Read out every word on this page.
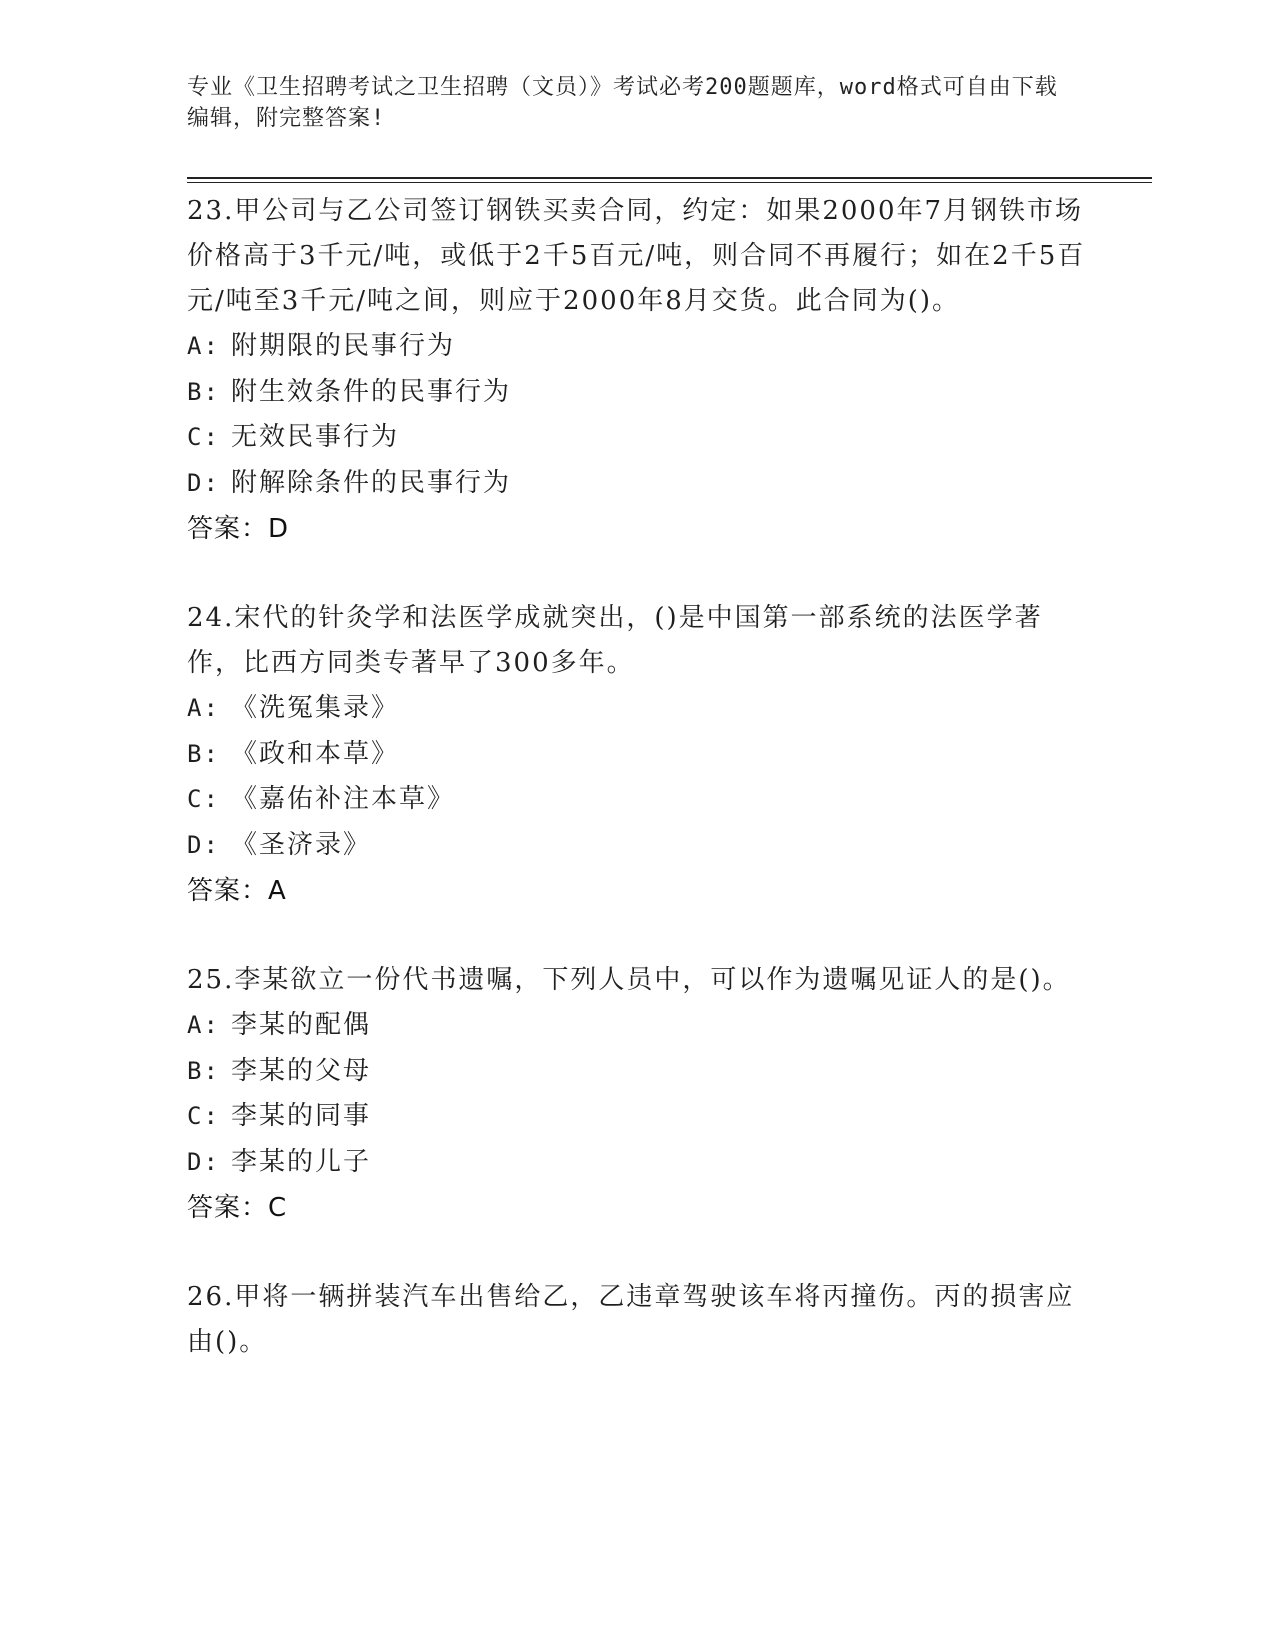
专业《卫生招聘考试之卫生招聘（文员）》考试必考200题题库，word格式可自由下载编辑，附完整答案!
23.甲公司与乙公司签订钢铁买卖合同，约定：如果2000年7月钢铁市场价格高于3千元/吨，或低于2千5百元/吨，则合同不再履行；如在2千5百元/吨至3千元/吨之间，则应于2000年8月交货。此合同为()。
A: 附期限的民事行为
B: 附生效条件的民事行为
C: 无效民事行为
D: 附解除条件的民事行为
答案：D
24.宋代的针灸学和法医学成就突出，()是中国第一部系统的法医学著作，比西方同类专著早了300多年。
A: 《洗冤集录》
B: 《政和本草》
C: 《嘉佑补注本草》
D: 《圣济录》
答案：A
25.李某欲立一份代书遗嘱，下列人员中，可以作为遗嘱见证人的是()。
A: 李某的配偶
B: 李某的父母
C: 李某的同事
D: 李某的儿子
答案：C
26.甲将一辆拼装汽车出售给乙，乙违章驾驶该车将丙撞伤。丙的损害应由()。
